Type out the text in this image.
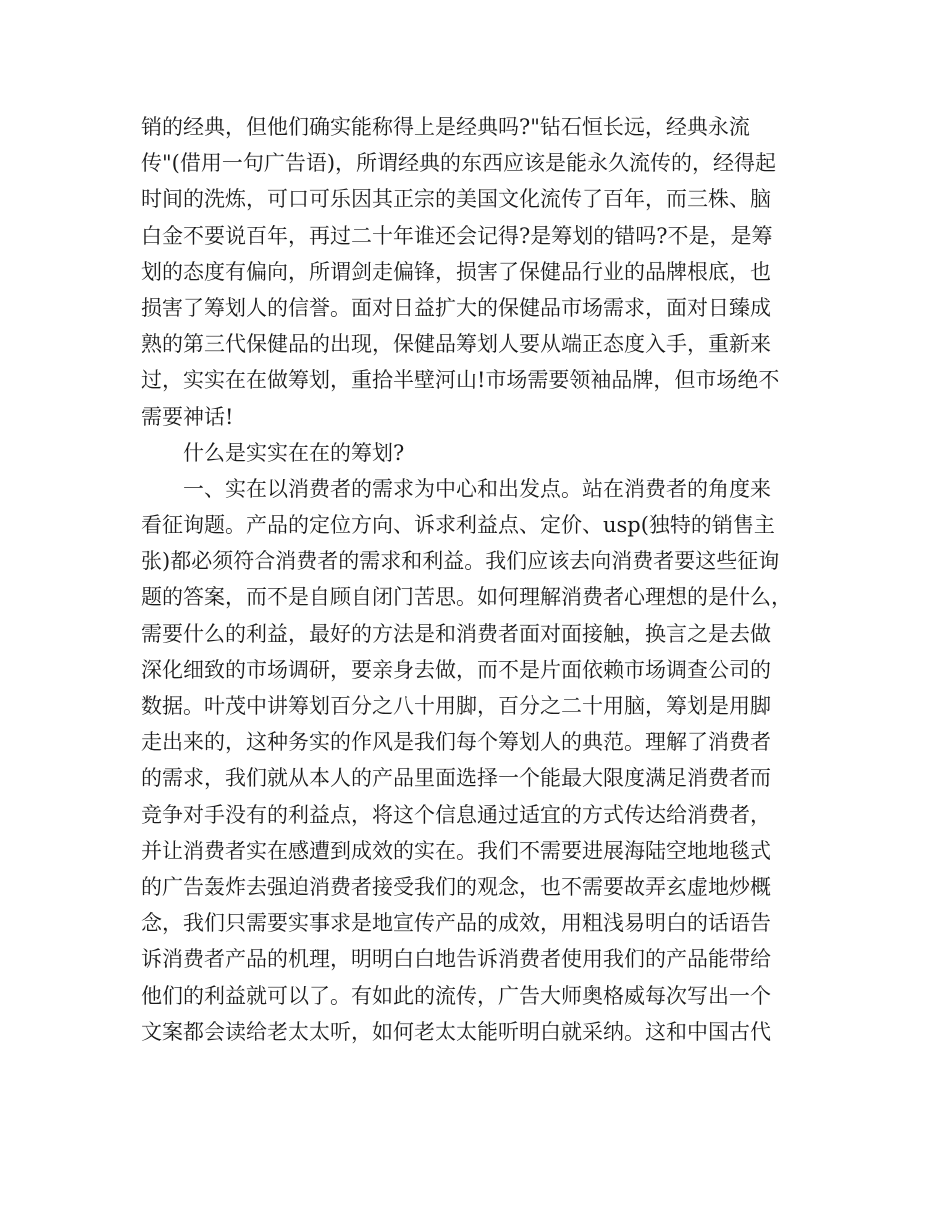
销的经典，但他们确实能称得上是经典吗?"钻石恒长远，经典永流
传"(借用一句广告语)，所谓经典的东西应该是能永久流传的，经得起
时间的洗炼，可口可乐因其正宗的美国文化流传了百年，而三株、脑
白金不要说百年，再过二十年谁还会记得?是筹划的错吗?不是，是筹
划的态度有偏向，所谓剑走偏锋，损害了保健品行业的品牌根底，也
损害了筹划人的信誉。面对日益扩大的保健品市场需求，面对日臻成
熟的第三代保健品的出现，保健品筹划人要从端正态度入手，重新来
过，实实在在做筹划，重拾半壁河山!市场需要领袖品牌，但市场绝不
需要神话!
什么是实实在在的筹划?
一、实在以消费者的需求为中心和出发点。站在消费者的角度来
看征询题。产品的定位方向、诉求利益点、定价、usp(独特的销售主
张)都必须符合消费者的需求和利益。我们应该去向消费者要这些征询
题的答案，而不是自顾自闭门苦思。如何理解消费者心理想的是什么，
需要什么的利益，最好的方法是和消费者面对面接触，换言之是去做
深化细致的市场调研，要亲身去做，而不是片面依赖市场调查公司的
数据。叶茂中讲筹划百分之八十用脚，百分之二十用脑，筹划是用脚
走出来的，这种务实的作风是我们每个筹划人的典范。理解了消费者
的需求，我们就从本人的产品里面选择一个能最大限度满足消费者而
竞争对手没有的利益点，将这个信息通过适宜的方式传达给消费者，
并让消费者实在感遭到成效的实在。我们不需要进展海陆空地地毯式
的广告轰炸去强迫消费者接受我们的观念，也不需要故弄玄虚地炒概
念，我们只需要实事求是地宣传产品的成效，用粗浅易明白的话语告
诉消费者产品的机理，明明白白地告诉消费者使用我们的产品能带给
他们的利益就可以了。有如此的流传，广告大师奥格威每次写出一个
文案都会读给老太太听，如何老太太能听明白就采纳。这和中国古代
